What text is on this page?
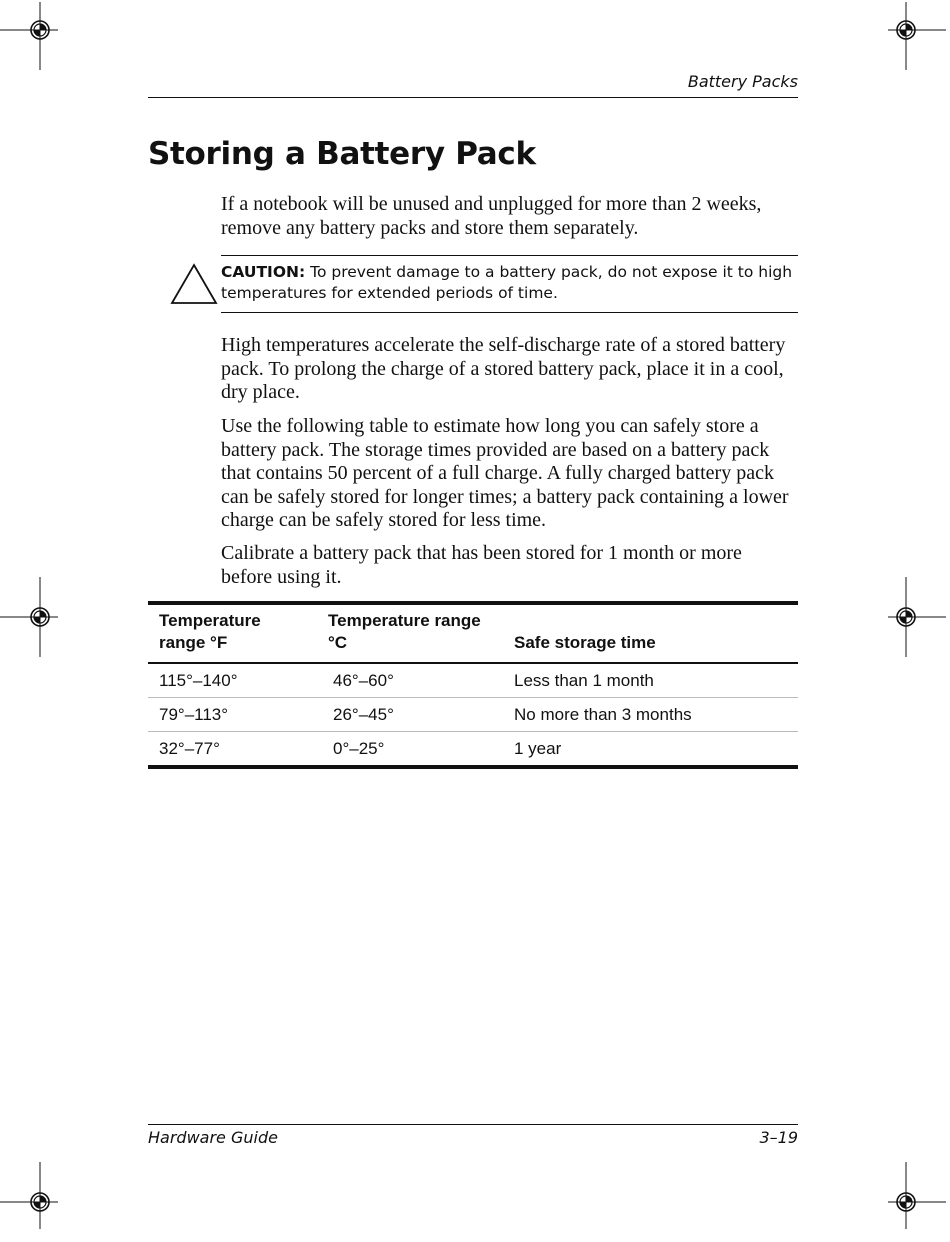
Battery Packs
Storing a Battery Pack

If a notebook will be unused and unplugged for more than 2 weeks, remove any battery packs and store them separately.

CAUTION: To prevent damage to a battery pack, do not expose it to high temperatures for extended periods of time.

High temperatures accelerate the self-discharge rate of a stored battery pack. To prolong the charge of a stored battery pack, place it in a cool, dry place.

Use the following table to estimate how long you can safely store a battery pack. The storage times provided are based on a battery pack that contains 50 percent of a full charge. A fully charged battery pack can be safely stored for longer times; a battery pack containing a lower charge can be safely stored for less time.

Calibrate a battery pack that has been stored for 1 month or more before using it.

Temperature range °F	Temperature range °C	Safe storage time
115°–140°	46°–60°	Less than 1 month
79°–113°	26°–45°	No more than 3 months
32°–77°	0°–25°	1 year
Hardware Guide	3–19
